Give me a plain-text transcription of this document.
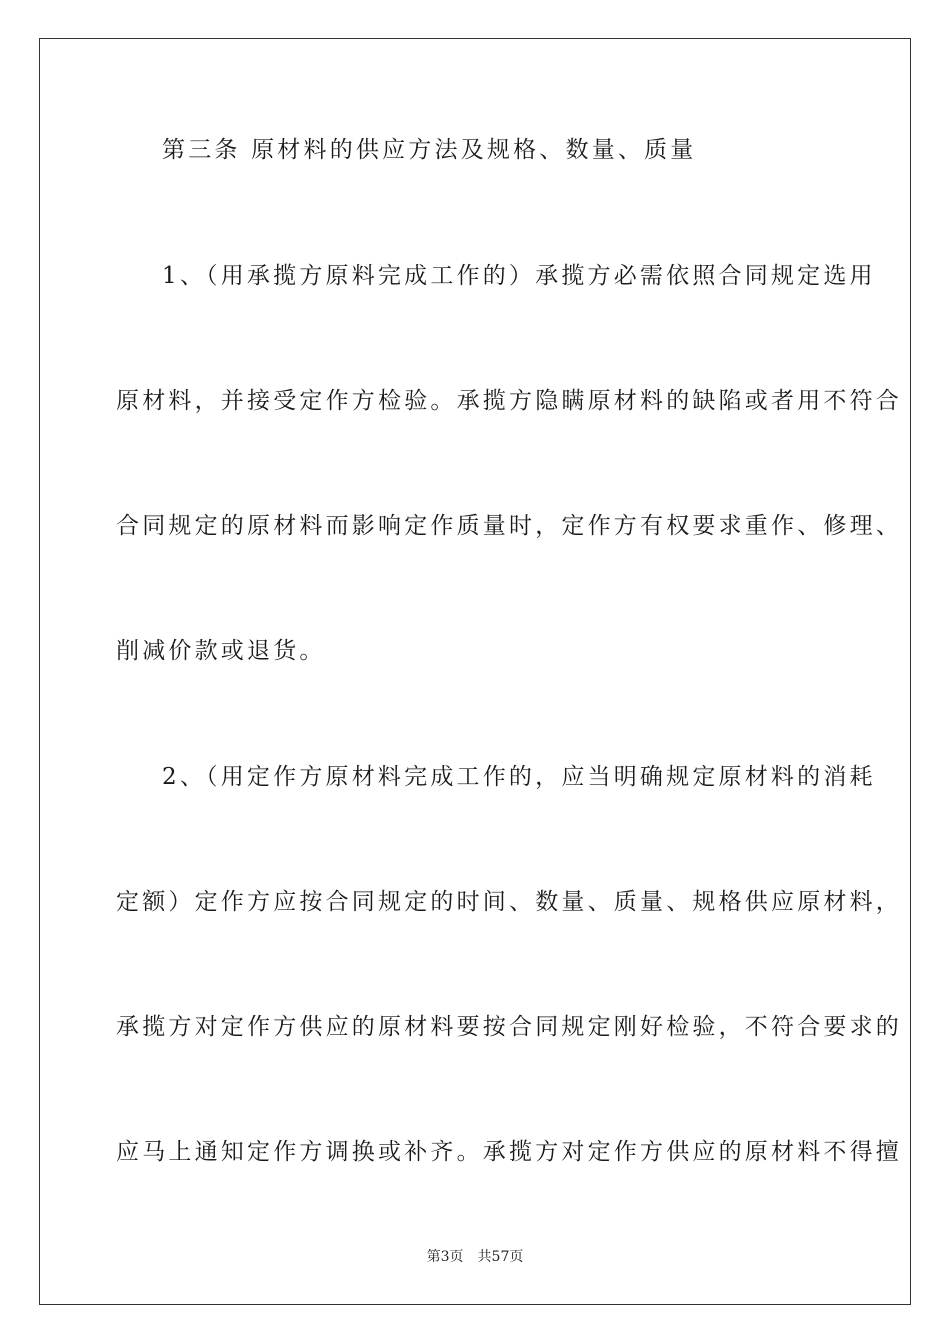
第三条 原材料的供应方法及规格、数量、质量
1、（用承揽方原料完成工作的）承揽方必需依照合同规定选用
原材料，并接受定作方检验。承揽方隐瞒原材料的缺陷或者用不符合
合同规定的原材料而影响定作质量时，定作方有权要求重作、修理、
削减价款或退货。
2、（用定作方原材料完成工作的，应当明确规定原材料的消耗
定额）定作方应按合同规定的时间、数量、质量、规格供应原材料，
承揽方对定作方供应的原材料要按合同规定刚好检验，不符合要求的
应马上通知定作方调换或补齐。承揽方对定作方供应的原材料不得擅
第3页 共57页
